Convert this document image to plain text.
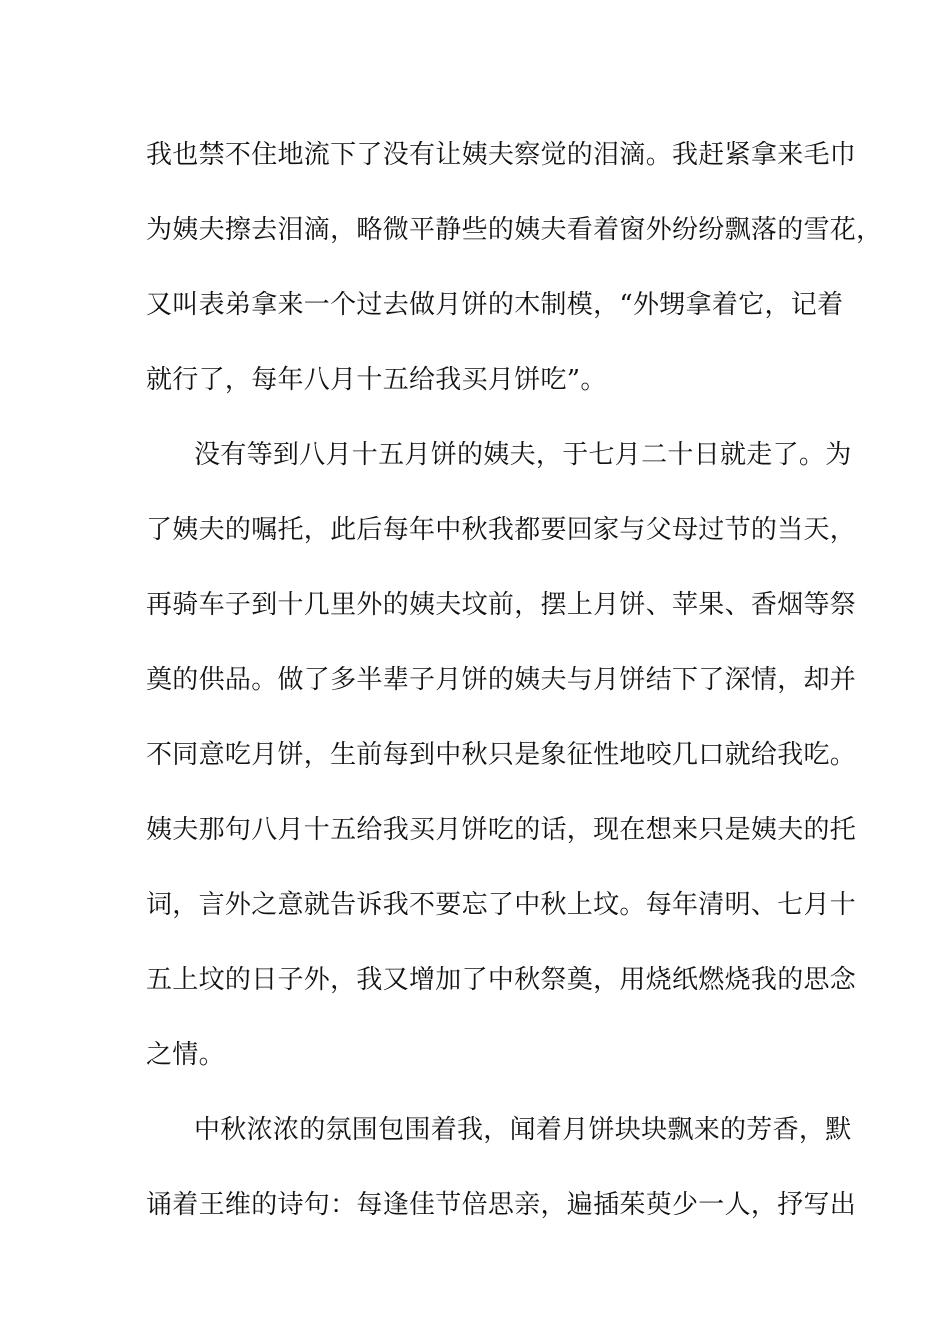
我也禁不住地流下了没有让姨夫察觉的泪滴。我赶紧拿来毛巾
为姨夫擦去泪滴，略微平静些的姨夫看着窗外纷纷飘落的雪花，
又叫表弟拿来一个过去做月饼的木制模，“外甥拿着它，记着
就行了，每年八月十五给我买月饼吃”。
没有等到八月十五月饼的姨夫，于七月二十日就走了。为
了姨夫的嘱托，此后每年中秋我都要回家与父母过节的当天，
再骑车子到十几里外的姨夫坟前，摆上月饼、苹果、香烟等祭
奠的供品。做了多半辈子月饼的姨夫与月饼结下了深情，却并
不同意吃月饼，生前每到中秋只是象征性地咬几口就给我吃。
姨夫那句八月十五给我买月饼吃的话，现在想来只是姨夫的托
词，言外之意就告诉我不要忘了中秋上坟。每年清明、七月十
五上坟的日子外，我又增加了中秋祭奠，用烧纸燃烧我的思念
之情。
中秋浓浓的氛围包围着我，闻着月饼块块飘来的芳香，默
诵着王维的诗句：每逢佳节倍思亲，遍插茱萸少一人，抒写出
